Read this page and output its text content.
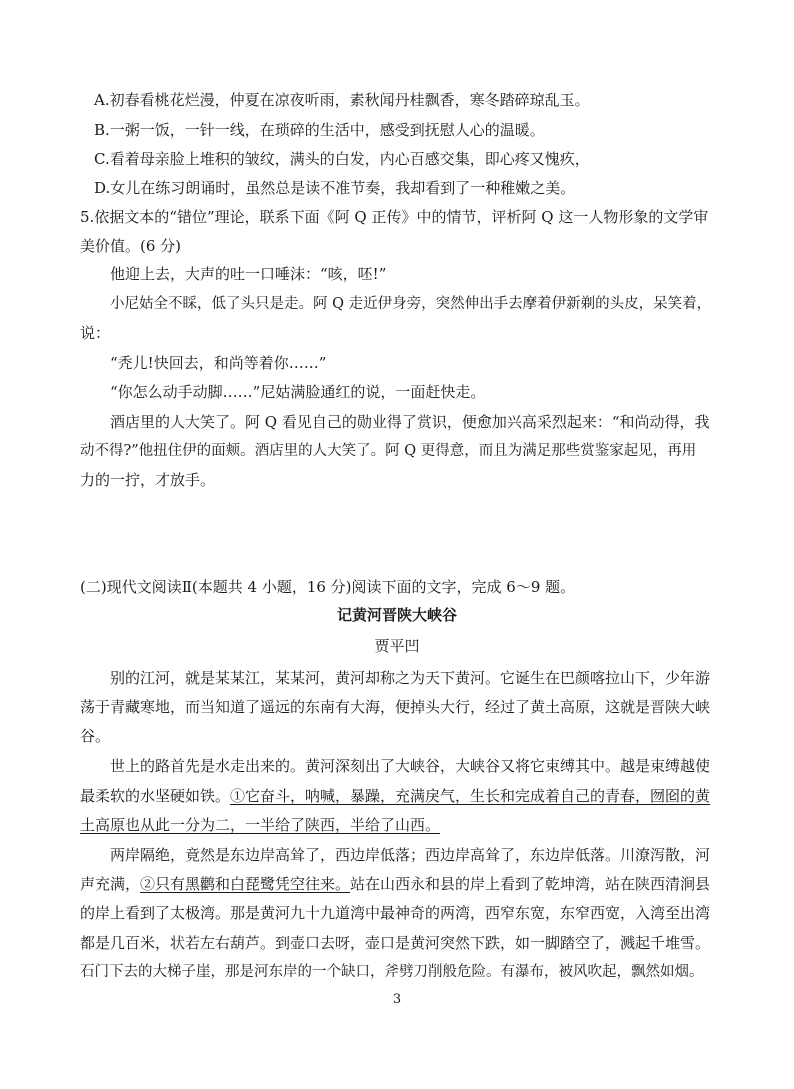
A.初春看桃花烂漫，仲夏在凉夜听雨，素秋闻丹桂飘香，寒冬踏碎琼乱玉。
B.一粥一饭，一针一线，在琐碎的生活中，感受到抚慰人心的温暖。
C.看着母亲脸上堆积的皱纹，满头的白发，内心百感交集，即心疼又愧疚，
D.女儿在练习朗诵时，虽然总是读不准节奏，我却看到了一种稚嫩之美。
5.依据文本的“错位”理论，联系下面《阿 Q 正传》中的情节，评析阿 Q 这一人物形象的文学审
美价值。(6 分)
他迎上去，大声的吐一口唾沫：“咳，呸!”
小尼姑全不睬，低了头只是走。阿 Q 走近伊身旁，突然伸出手去摩着伊新剃的头皮，呆笑着，
说：
“秃儿!快回去，和尚等着你……”
“你怎么动手动脚……”尼姑满脸通红的说，一面赶快走。
酒店里的人大笑了。阿 Q 看见自己的勋业得了赏识，便愈加兴高采烈起来：“和尚动得，我
动不得?”他扭住伊的面颊。酒店里的人大笑了。阿 Q 更得意，而且为满足那些赏鉴家起见，再用
力的一拧，才放手。
(二)现代文阅读Ⅱ(本题共 4 小题，16 分)阅读下面的文字，完成 6～9 题。
记黄河晋陕大峡谷
贾平凹
别的江河，就是某某江，某某河，黄河却称之为天下黄河。它诞生在巴颜喀拉山下，少年游
荡于青藏寒地，而当知道了遥远的东南有大海，便掉头大行，经过了黄土高原，这就是晋陕大峡
谷。
世上的路首先是水走出来的。黄河深刻出了大峡谷，大峡谷又将它束缚其中。越是束缚越使
最柔软的水坚硬如铁。①它奋斗，呐喊，暴躁，充满戾气，生长和完成着自己的青春，囫囵的黄
土高原也从此一分为二，一半给了陕西，半给了山西。
两岸隔绝，竟然是东边岸高耸了，西边岸低落；西边岸高耸了，东边岸低落。川潦泻散，河
声充满，②只有黑鹳和白琵鹭凭空往来。站在山西永和县的岸上看到了乾坤湾，站在陕西清涧县
的岸上看到了太极湾。那是黄河九十九道湾中最神奇的两湾，西窄东宽，东窄西宽，入湾至出湾
都是几百米，状若左右葫芦。到壶口去呀，壶口是黄河突然下跌，如一脚踏空了，溅起千堆雪。
石门下去的大梯子崖，那是河东岸的一个缺口，斧劈刀削般危险。有瀑布，被风吹起，飘然如烟。
3
